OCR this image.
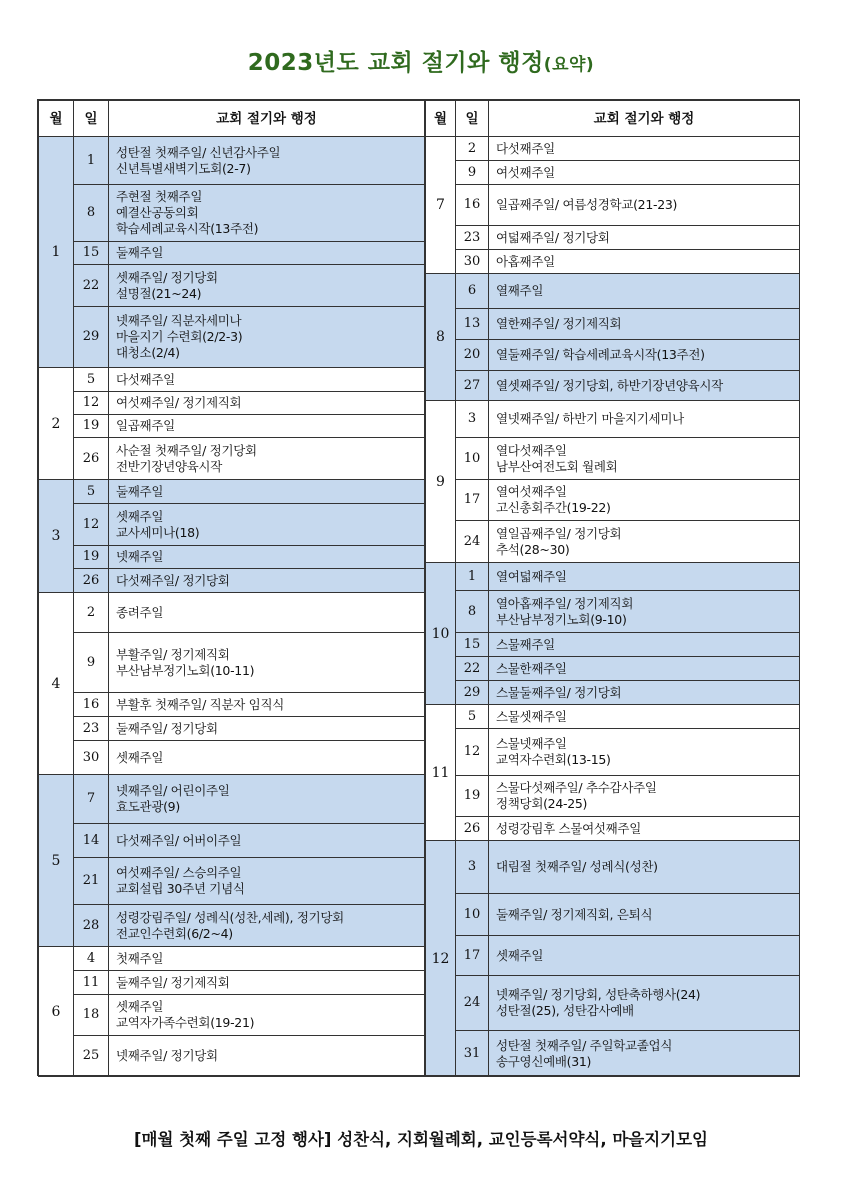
2023년도 교회 절기와 행정(요약)
월	일	교회 절기와 행정
1	1	성탄절 첫째주일/ 신년감사주일
신년특별새벽기도회(2-7)

	8	주현절 첫째주일
예결산공동의회
학습세례교육시작(13주전)

	15	둘째주일

	22	셋째주일/ 정기당회
설명절(21~24)

	29	넷째주일/ 직분자세미나
마을지기 수련회(2/2-3)
대청소(2/4)

2	5	다섯째주일

	12	여섯째주일/ 정기제직회

	19	일곱째주일

	26	사순절 첫째주일/ 정기당회
전반기장년양육시작

3	5	둘째주일

	12	셋째주일
교사세미나(18)

	19	넷째주일

	26	다섯째주일/ 정기당회

4	2	종려주일

	9	부활주일/ 정기제직회
부산남부정기노회(10-11)

	16	부활후 첫째주일/ 직분자 임직식

	23	둘째주일/ 정기당회

	30	셋째주일

5	7	넷째주일/ 어린이주일
효도관광(9)

	14	다섯째주일/ 어버이주일

	21	여섯째주일/ 스승의주일
교회설립 30주년 기념식

	28	성령강림주일/ 성례식(성찬,세례), 정기당회
전교인수련회(6/2~4)

6	4	첫째주일

	11	둘째주일/ 정기제직회

	18	셋째주일
교역자가족수련회(19-21)

	25	넷째주일/ 정기당회
월	일	교회 절기와 행정
7	2	다섯째주일

	9	여섯째주일

	16	일곱째주일/ 여름성경학교(21-23)

	23	여덟째주일/ 정기당회

	30	아홉째주일

8	6	열째주일

	13	열한째주일/ 정기제직회

	20	열둘째주일/ 학습세례교육시작(13주전)

	27	열셋째주일/ 정기당회, 하반기장년양육시작

9	3	열넷째주일/ 하반기 마을지기세미나

	10	열다섯째주일
남부산여전도회 월례회

	17	열여섯째주일
고신총회주간(19-22)

	24	열일곱째주일/ 정기당회
추석(28~30)

10	1	열여덟째주일

	8	열아홉째주일/ 정기제직회
부산남부정기노회(9-10)

	15	스물째주일

	22	스물한째주일

	29	스물둘째주일/ 정기당회

11	5	스물셋째주일

	12	스물넷째주일
교역자수련회(13-15)

	19	스물다섯째주일/ 추수감사주일
정책당회(24-25)

	26	성령강림후 스물여섯째주일

12	3	대림절 첫째주일/ 성례식(성찬)

	10	둘째주일/ 정기제직회, 은퇴식

	17	셋째주일

	24	넷째주일/ 정기당회, 성탄축하행사(24)
성탄절(25), 성탄감사예배

	31	성탄절 첫째주일/ 주일학교졸업식
송구영신예배(31)
[매월 첫째 주일 고정 행사] 성찬식, 지회월례회, 교인등록서약식, 마을지기모임
